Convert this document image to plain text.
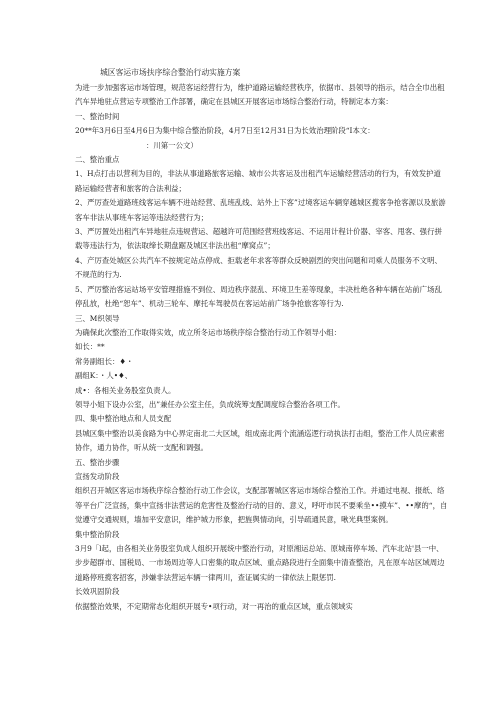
城区客运市场扶序综合整治行动实施方案

为进一步加强客运市场管理，规范客运经营行为，维护道路运输经营秩序，依据市、县领导的指示，结合全巾出租汽车异地驻点营运专项整治工作部署，确定在县城区开展客运市场综合整治行动，特制定本方案：

一、整治时间

20**年3月6日至4月6日为集中综合整治阶段，4月7日至12月31日为长效治理阶段“I本文：

：川第一公文）

二、整治重点

1、H点打击以营利为目的，非法从事道路旅客运输、城市公共客运及出租汽车运输经营活动的行为，有效发护道路运输经营者和旅客的合法利益；

2、严厉查处道路班线客运车辆不进站经营、乱班乱线、站外上下客”过境客运车辆穿越城区揽客争抢客源以及旅游客车非法从事班车客运等违法经营行为；

3、严厉置处出租汽车异地驻点违规营运、超越许可范围经营班线客运、不运用计程计价器、宰客、甩客、强行拼载等违法行为，依法取缔长期盘踞及城区非法出租“摩窝点”；

4、产厉查处城区公共汽车不按规定站点停成、拒载老年求客等群众反映剧烈的突出问题和司乘人员服务不文明、不规范的行为.

5、严厉整治客运站场平安管理措施不到位、周边秩序混乱、环境卫生差等现象，丰决杜绝各种车辆在站前广场乱停乱放，杜绝“恕车”、机动三轮车、摩托车驾驶员在客运站前广场争抢旅客等行为.

三、M织领导

为确保此次整治工作取得实效，成立所冬运市场秩序综合整治行动工作领导小组：

如长：**

常务副组长：♦・

副组K：・人•♦、

成•：各相关业务股室负责人。

领导小姐下设办公室，出”兼任办公室主任，负成统筹支配调度综合整治各项工作。

四、集中整治地点和人员支配

县城区集中整治以美食路为中心界定南北二大区域，组成南北两个流涵巡逻行动执法打击组，整治工作人员应素密协作，通力协作，听从统一支配和调强。

五、整治步骤

宣扬发动阶段

组织召开城区客运市场秩序综合整治行动工作会议，支配部署城区客运市场综合整治工作。并通过电视、报纸、络等平台广泛宣扬，集中宣扬非法营运的危害性及整治行动的目的、意义，呼吁市民不要乘坐••摸车”、••摩的“，自觉遵守交通规则，墙加平安意识，维护城力形象，把旌舆情动向，引导疏通民意，啾光典型案例。

集中整治阶段

3月9「l起，由各相关业务股室负成人组织开展统中整治行动，对原湘运总站、原城南停车场、汽车北站'县一中、步步超群市、国税局、一市场周边等人口密集的取点区域、重点路段进行全面集中清查整治，凡在原车站区域周边道路停班揽客招客，涉嫌非法营运车辆一律两川，查证属实的一律依法上限惩罚.

长效巩固阶段

依据整治效果，不定期常态化组织开展专•项行动，对一再治的重点区域，重点领域实
